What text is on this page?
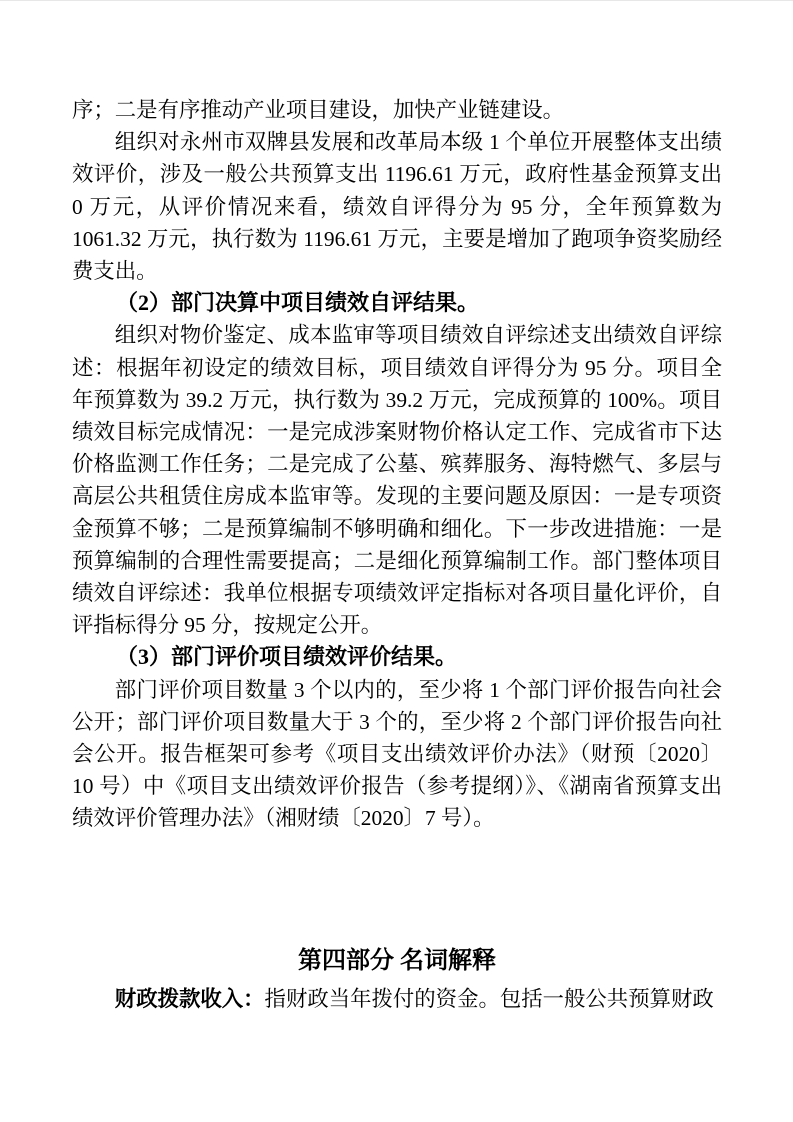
序；二是有序推动产业项目建设，加快产业链建设。

组织对永州市双牌县发展和改革局本级 1 个单位开展整体支出绩效评价，涉及一般公共预算支出 1196.61 万元，政府性基金预算支出 0 万元，从评价情况来看，绩效自评得分为 95 分，全年预算数为 1061.32 万元，执行数为 1196.61 万元，主要是增加了跑项争资奖励经费支出。

（2）部门决算中项目绩效自评结果。

组织对物价鉴定、成本监审等项目绩效自评综述支出绩效自评综述：根据年初设定的绩效目标，项目绩效自评得分为 95 分。项目全年预算数为 39.2 万元，执行数为 39.2 万元，完成预算的 100%。项目绩效目标完成情况：一是完成涉案财物价格认定工作、完成省市下达价格监测工作任务；二是完成了公墓、殡葬服务、海特燃气、多层与高层公共租赁住房成本监审等。发现的主要问题及原因：一是专项资金预算不够；二是预算编制不够明确和细化。下一步改进措施：一是预算编制的合理性需要提高；二是细化预算编制工作。部门整体项目绩效自评综述：我单位根据专项绩效评定指标对各项目量化评价，自评指标得分 95 分，按规定公开。

（3）部门评价项目绩效评价结果。

部门评价项目数量 3 个以内的，至少将 1 个部门评价报告向社会公开；部门评价项目数量大于 3 个的，至少将 2 个部门评价报告向社会公开。报告框架可参考《项目支出绩效评价办法》（财预〔2020〕10 号）中《项目支出绩效评价报告（参考提纲）》、《湖南省预算支出绩效评价管理办法》（湘财绩〔2020〕7 号）。

第四部分 名词解释

财政拨款收入：指财政当年拨付的资金。包括一般公共预算财政
